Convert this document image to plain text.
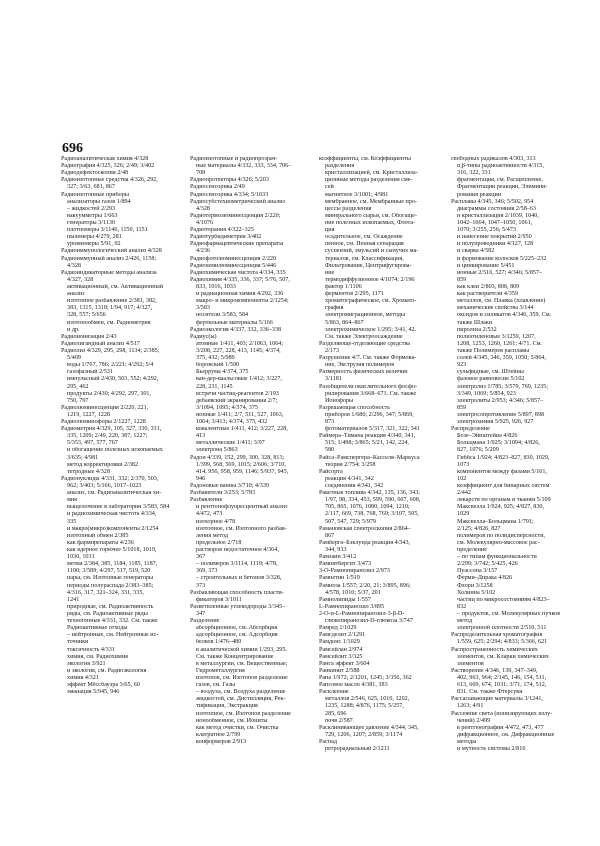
696
Радиоаналитическая химия 4/328
Радиография 4/325, 326; 2/49; 3/402
Радиодефектоскопия 2/48
Радиоизотопные средства 4/326, 292,
327; 3/63, 681, 867
Радиоизотопные приборы
анализаторы газов 1/894
– жидкостей 2/293
вакуумметры 1/663
генераторы 3/1130
плотномеры 3/1146, 1150, 1151
пылемеры 4/279, 281
уровнемеры 5/91, 92
Радиоиммунологический анализ 4/328
Радиоиммунный анализ 2/426, 1158;
4/328
Радиоиндикаторные методы анализа
4/327, 328
активационный, см. Активационный
анализ
изотопное разбавление 2/381, 382,
383, 1315, 1318; 1/94, 917; 4/327,
328, 557; 5/656
изотопообмен, см. Радиометрия
и др.
Радиоионизация 2/43
Радиолигандный анализ 4/517
Радиолиз 4/329, 295, 298, 1134; 2/385;
5/409
воды 1/767, 786; 2/221; 4/292; 5/4
газофазный 2/531
импульсный 2/430, 503, 552; 4/292,
295, 462
продукты 2/430; 4/292, 297, 301,
750, 797
Радиолюминесценция 2/220, 221,
1219, 1227, 1228
Радиолюминофоры 2/1227, 1228
Радиометрия 4/329, 105, 327, 330, 331,
335, 1209; 2/49, 220, 387, 1227;
5/353, 497, 577, 767
и обогащение полезных ископаемых
3/635; 4/981
метод корректировки 2/382
тетродные 4/328
Радионуклиды 4/331, 332; 2/370, 503,
962; 3/403; 5/166, 1017–1023
анализ, см. Радиоаналитическая хи-
мия
выщелочение в лаборатории 3/583, 584
и радиохимическая чистота 4/334,
335
и макро(микро)компоненты 2/1254
изотопный обмен 2/385
как фармпрепараты 4/236
как ядерное горючее 5/1018, 1019,
1030, 1031
метки 2/384, 385, 1184, 1185, 1187,
1190; 3/589; 4/297, 517, 519, 520
пары, см. Изотопные генераторы
периоды полураспада 2/383–385;
4/316, 317, 321–324, 331, 335,
1241
природные, см. Радиоактивность
ряды, см. Радиоактивные ряды
техногенные 4/331, 332. См. также
Радиоактивные отходы
– нейтронные, см. Нейтронные ис-
точники
токсичность 4/331
химия, см. Радиохимия
экология 3/921
и экология, см. Радиоэкология
химия 4/321
эффект Мёссбауэра 3/65, 60
эманация 5/945, 946
Радиоизотопные и радиопрозрач-
ные материалы 4/332, 333, 334, 706–
708
Радиопротекторы 4/326; 5/203
Радиосенсорика 2/49
Радиосенсорика 4/334; 5/1033
Радиосубстехиометрический анализ
4/328
Радиотермолюминесценция 2/220;
4/1076
Радиотерапия 4/322–325
Радиотурбидиметрия 3/402
Радиофармацевтические препараты
4/236
Радиофотолюминесценция 2/220
Радиохемилюминесценция 5/446
Радиохимическая чистота 4/334, 335
Радиохимия 4/335, 336, 337; 5/76, 507,
833, 1016, 1033
и радиационная химия 4/292, 336
макро- и микрокомпоненты 2/1254;
3/583
носители 3/583, 584
фертильные материалы 5/166
Радиоэкология 4/337, 332, 336–338
Радиус(ы)
атомные 1/411, 403; 2/1063, 1064;
3/208, 227, 228, 413, 1145; 4/374,
375, 432; 5/989
боровский 1/590
Бьеррума 4/374, 375
ван-дер-ваальсовые 1/412; 3/227,
228, 231, 1145
встречи частиц-реагентов 2/193
дебаевский экранирования 2/7;
3/1094, 1095; 4/374, 375
ионные 1/411; 2/7, 511, 527, 1063,
1064; 3/413; 4/374, 375, 432
ковалентные 1/411, 412; 3/227, 228,
413
металлические 1/411; 3/97
электрона 5/863
Радон 4/339, 152, 299, 300, 328, 813;
1/399, 568, 569, 1015; 2/606; 3/710,
414, 956, 958, 959, 1146; 5/937, 945,
946
Радоновые ванны 3/710; 4/339
Разбавители 3/253; 5/783
Разбавление
и рентгенофлуоресцентный анализ
4/472, 473
изохорное 4/78
изотопное, см. Изотопного разбав-
ления метод
предельное 2/718
растворов недостаточное 4/364,
367
– полимеров 3/1114, 1119; 4/78,
369, 373
– строительных и бетонов 3/328,
373
Разбавляющая способность пласти-
фикаторов 3/1011
Разветвленные углеводороды 3/345–
347
Разделение
абсорбционное, см. Абсорбция
адсорбционное, см. Адсорбция
белков 1/476–480
в аналитической химии 1/293, 295.
См. также Концентрирование
в металлургии, см. Вещественные;
Гидрометаллургия
изотопов, см. Изотопов разделение
газов, см. Газы
– воздуха, см. Воздуха разделение
жидкостей, см. Дистилляция, Рек-
тификация, Экстракция
изотопное, см. Изотопов разделение
ионообменное, см. Иониты
как метод очистки, см. Очистка
клатратное 2/799
конформеров 2/913
коэффициенты, см. Коэффициенты
разделения
кристаллизацией, см. Кристаллиза-
ционные методы разделения сме-
сей
магнитное 3/1001; 4/981
мембранное, см. Мембранные про-
цессы разделения
минерального сырья, см. Обогаще-
ние полезных ископаемых, Флота-
ция
осадительное, см. Осаждение
пенное, см. Пенная сепарация
суспензий, эмульсий и сыпучих ма-
териалов, см. Классификация,
Фильтрование, Центрифугирова-
ние
термодиффузионное 4/1074; 2/196
фактор 1/1106
ферментов 2/295, 1171
хроматографическое, см. Хромато-
графия
электромиграционное, методы
5/863, 864–867
электрохимическое 1/295; 3/41, 42.
См. также Электроосаждение
Разделяюще-отделяющие средства
2/173
Разрушение 4/7. См. также Формова-
ние, Экструзия полимеров
Размерность физических величин
3/1181
Разобщители окислительного фосфо-
рилирования 3/668–671. См. также
Ионофоры
Разрешающая способность
приборов 1/686; 2/296, 347; 5/869,
873
фотоматериалов 5/317, 321, 322, 341
Раймера–Тимана реакция 4/340, 341,
515; 1/498; 3/865; 5/21, 142, 224,
580
Райса–Рамспергера–Касселя–Маркуса
теория 2/754; 3/258
Райсорта
реакция 4/341, 342
соединения 4/341, 342
Ракетные топлива 4/342, 135, 136, 343;
1/97, 98, 334, 453, 599, 590, 607, 608,
705, 865, 1076, 1080, 1094, 1210;
2/117, 669, 738, 768, 769; 3/107, 505,
507, 547, 729; 5/979
Рамановская спектроскопия 2/864–
867
Рамберга–Бэклунда реакция 4/343,
344, 933
Рамзаин 3/412
Рамнитбергит 3/473
3-O-Рамнопиранозил 2/973
Рамнетин 1/519
Рамноза 1/557; 2/20, 21; 3/895, 896;
4/578, 1010; 5/37, 201
Рамнолипиды 1/557
L-Рамнопиранозил 3/895
2-O-α-L-Рамнопиранозил-3-β-D-
глюкопиранозил-D-глюкоза 3/747
Рамред 1/1029
Рамсделит 2/1291
Рамдонс 1/1029
Рамсейлан 2/974
Рамсейлит 3/325
Ранга эффект 3/604
Ранкинит 2/588
Рапа 1/972; 2/1201, 1245; 3/356, 362
Рапсовое масло 4/381, 383
Расклеение
металлов 2/546, 625, 1010, 1202,
1235, 1288; 4/876, 1175; 5/257,
285, 696
почв 2/587
Расклинивающее давление 4/344, 345,
729, 1206, 1207; 2/859; 3/1174
Распад
ретрорадиальный 2/1211
свободных радикалов 4/303, 313
α,β-типы радиоактивности 4/315,
316, 322, 331
фрагментация, см. Расщепление,
Фрагментации реакции, Элимини-
рования реакции
Расплавы 4/345, 346; 5/502, 954
диаграммы состояния 2/58–63
и кристаллизация 2/1039, 1040,
1042–1064, 1047–1050, 1061,
1070; 3/255, 256; 5/473
и нанесение покрытий 2/950
и полупроводники 4/127, 128
и сварка 4/582
и формование колосков 5/225–232
и цинкирование 5/451
ионные 2/516, 527; 4/346; 5/857–
859
как клеи 2/803, 808, 809
как растворители 4/359
металлов, см. Плавка (плавление)
механические свойства 3/144
оксидов и силикатов 4/346, 359. См.
также Шлаки
пиролиза 2/532
полиэтиленовые 3/1259, 1207,
1208, 1253, 1260, 1261; 4/71. См.
также Полимерев расплавы
солей 4/345, 346, 359, 1050; 5/864,
923
сульфидные, см. Штейны
фазовое равновесие 5/102
электролиз 1/785; 3/579, 769, 1235;
3/349, 1069; 5/854, 923
электролиты 2/953; 4/346; 5/857–
859
электросопротивление 5/897, 898
электрохимия 5/925, 926, 927
Распределение
Бозе–Эйнштейна 4/826
Больцмана 1/925; 3/1094; 4/826,
827, 1076; 5/209
Гиббса 1/924; 4/823–827, 830, 1029,
1073
компонентов между фазами 5/101,
102
коэффициент для бинарных систем
2/442
лекарств по органам и тканям 5/109
Максвелла 1/924, 925; 4/827, 830,
1029
Максвелла–Больцмана 1/791;
2/125; 4/826, 827
полимеров по полидисперсности,
см. Молекулярно-массовое рас-
пределение
– по типам функциональности
2/299; 3/742; 5/425, 426
Пуассона 3/157
Ферми–Дирака 4/826
Флори 3/1258
Холинна 5/102
частиц по микросостояниям 4/823–
832
– продуктов, см. Молекулярных пучков
метод
электронной плотности 2/510, 511
Распределительная хроматография
1/559, 625; 2/294; 4/833; 5/366, 621
Распространенность химических
элементов, см. Кларки химических
элементов
Растворение 4/346, 139, 347–349,
402, 963, 964; 2/145, 146, 154, 511,
613, 669, 674, 1031; 3/71, 174, 512,
831. См. также Фтерсуки
Рассасывающие материалы 3/1241,
1263; 4/91
Рассеяние света (ионизирующих излу-
чений) 2/499
в рентгенографии 4/472, 473, 477
дифракционное, см. Дифракционные
методы
и мутность системы 2/816
